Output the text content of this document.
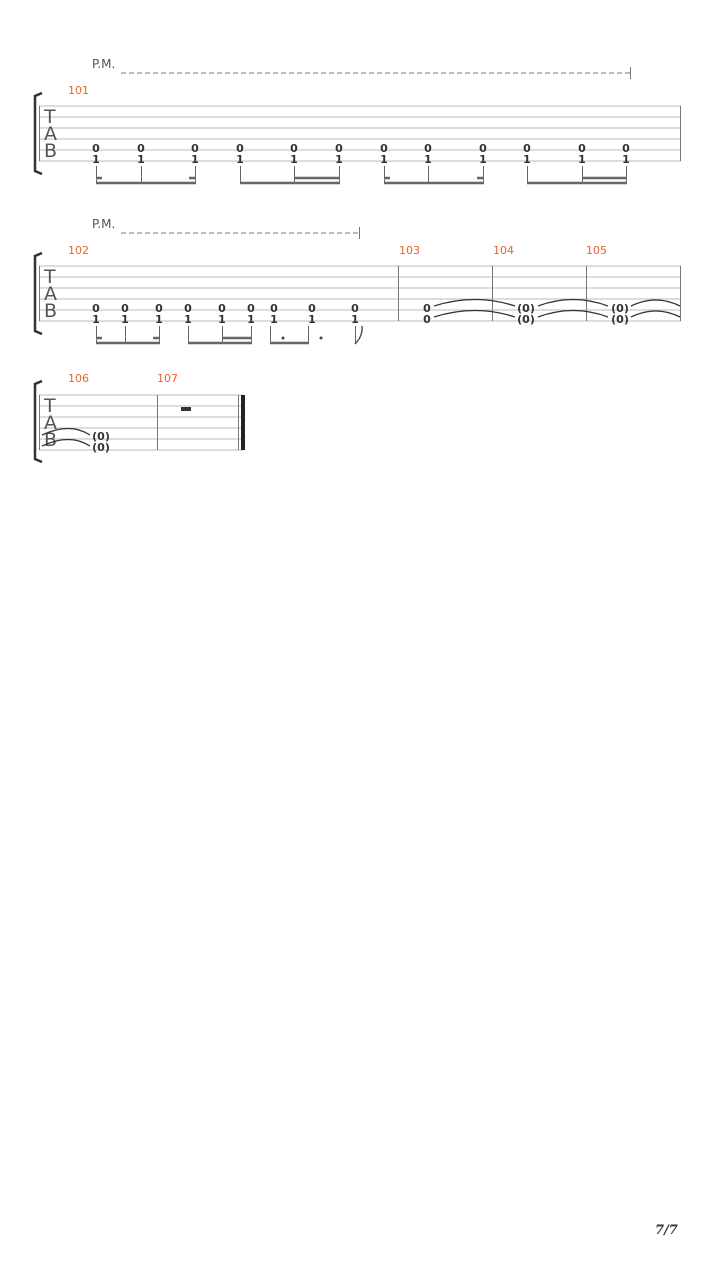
T
A
B
P.M.
101
0
1
0
1
0
1
0
1
0
1
0
1
0
1
0
1
0
1
0
1
0
1
0
1
T
A
B
P.M.
102	103	104	105
0
1
0
1
0
1
0
1
0
1
0
1
0
1
0
1
0
1
0
0
(0)
(0)
(0)
(0)
T
A
B
106	107
(0)
(0)
7/7
